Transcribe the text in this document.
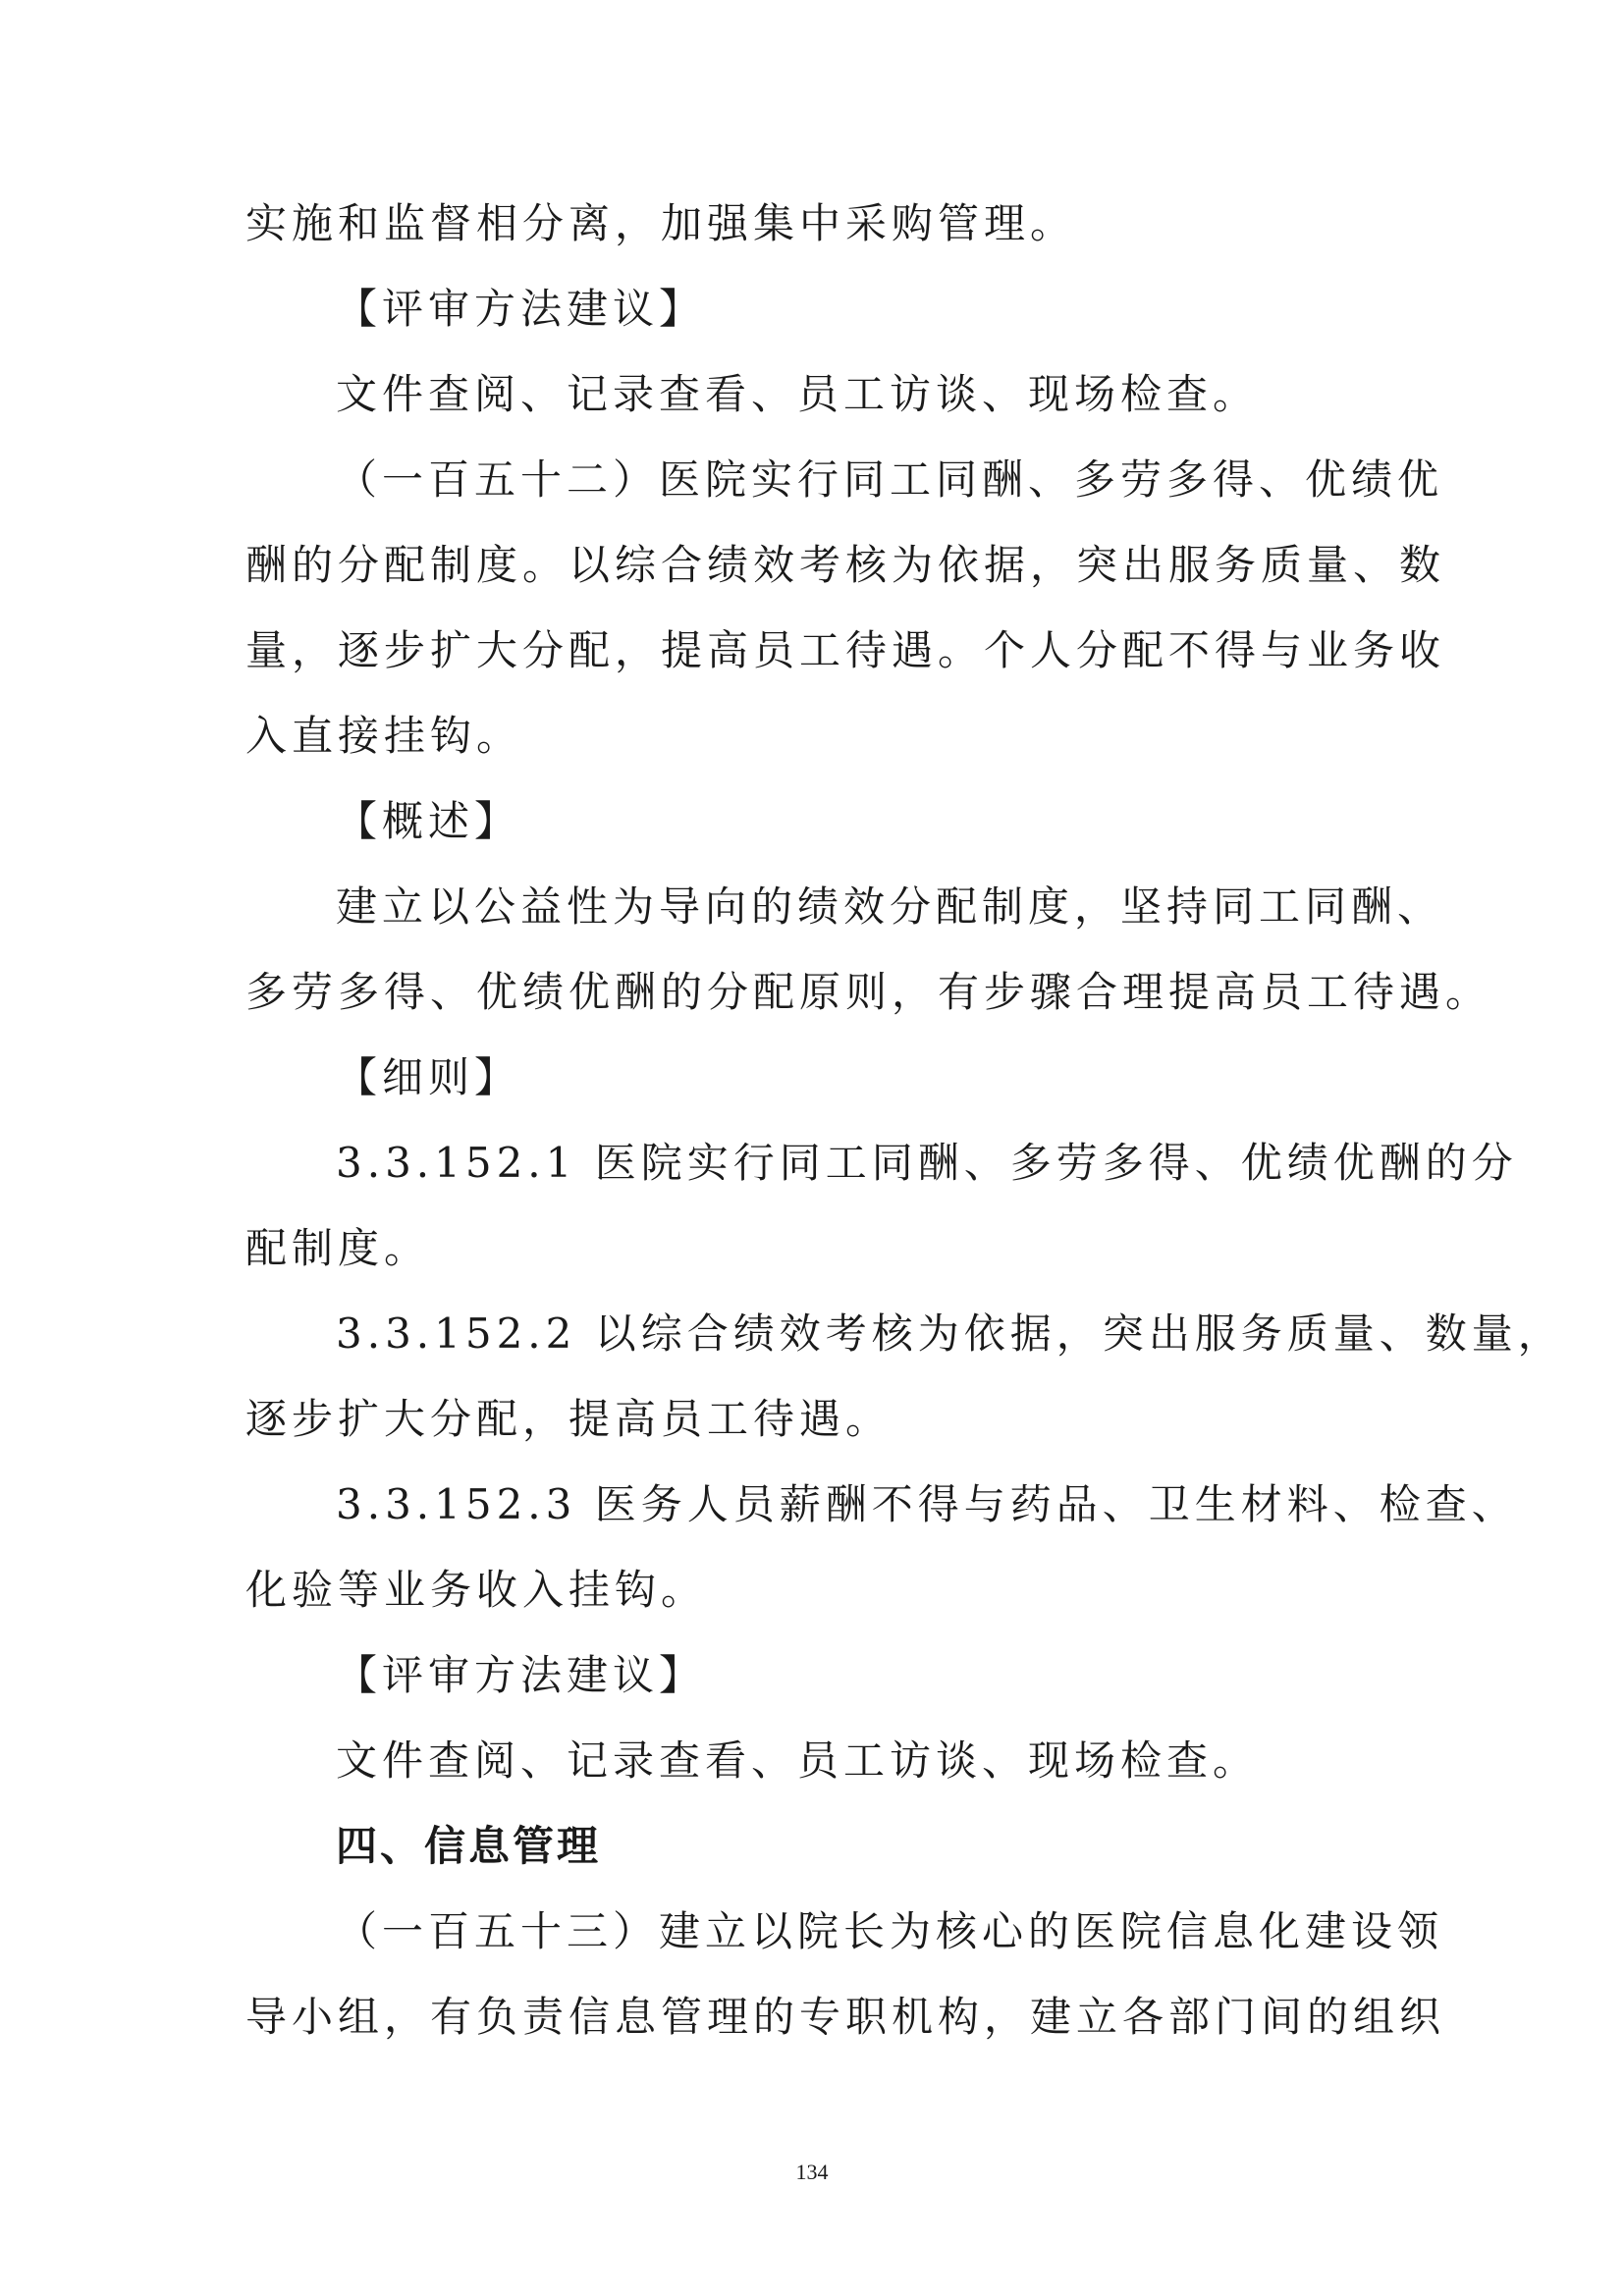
实施和监督相分离，加强集中采购管理。
【评审方法建议】
文件查阅、记录查看、员工访谈、现场检查。
（一百五十二）医院实行同工同酬、多劳多得、优绩优
酬的分配制度。以综合绩效考核为依据，突出服务质量、数
量，逐步扩大分配，提高员工待遇。个人分配不得与业务收
入直接挂钩。
【概述】
建立以公益性为导向的绩效分配制度，坚持同工同酬、
多劳多得、优绩优酬的分配原则，有步骤合理提高员工待遇。
【细则】
3.3.152.1 医院实行同工同酬、多劳多得、优绩优酬的分
配制度。
3.3.152.2 以综合绩效考核为依据，突出服务质量、数量，
逐步扩大分配，提高员工待遇。
3.3.152.3 医务人员薪酬不得与药品、卫生材料、检查、
化验等业务收入挂钩。
【评审方法建议】
文件查阅、记录查看、员工访谈、现场检查。
四、信息管理
（一百五十三）建立以院长为核心的医院信息化建设领
导小组，有负责信息管理的专职机构，建立各部门间的组织
134
